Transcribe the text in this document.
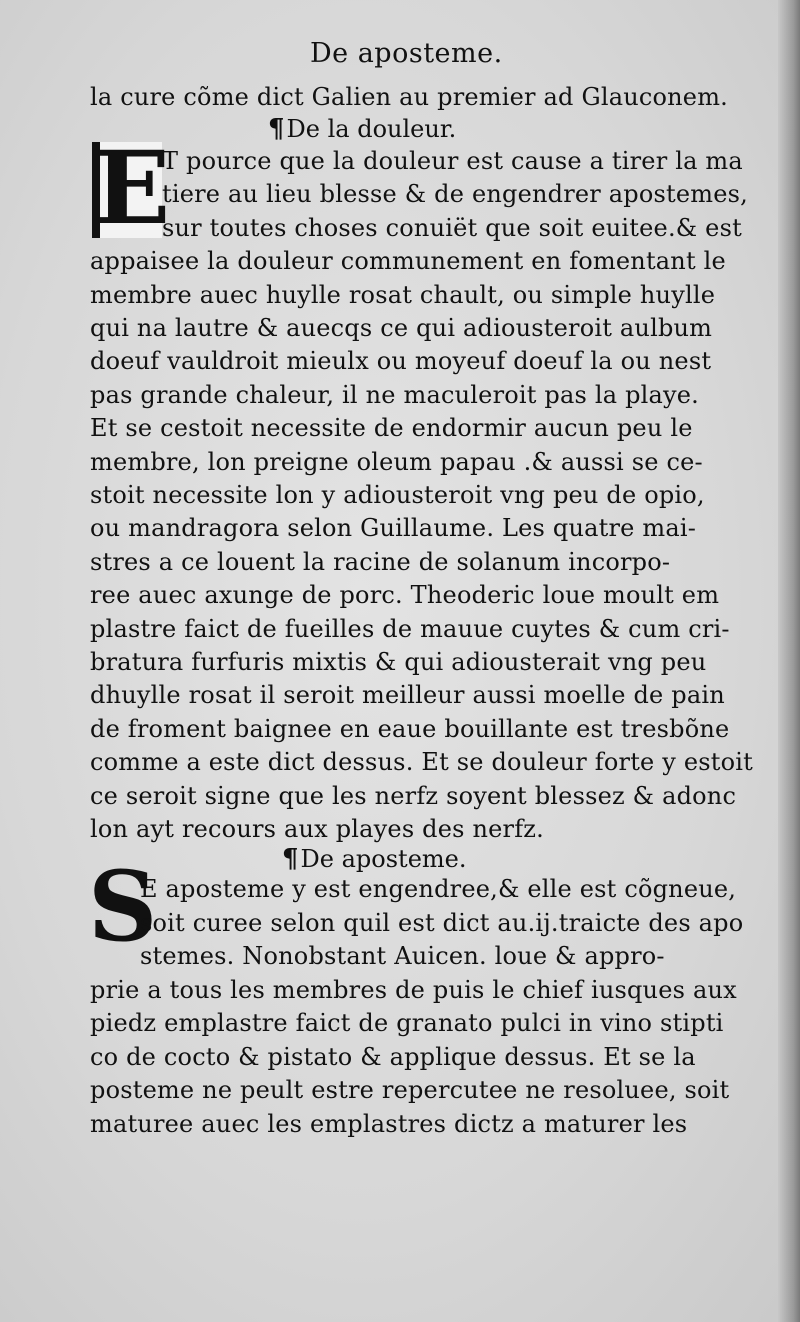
De aposteme.
la cure cõme dict Galien au premier ad Glauconem.
¶De la douleur.
E
T pource que la douleur est cause a tirer la ma
tiere au lieu blesse & de engendrer apostemes,
sur toutes choses conuiët que soit euitee.& est
appaisee la douleur communement en fomentant le
membre auec huylle rosat chault, ou simple huylle
qui na lautre & auecqs ce qui adiousteroit aulbum
doeuf vauldroit mieulx ou moyeuf doeuf la ou nest
pas grande chaleur, il ne maculeroit pas la playe.
Et se cestoit necessite de endormir aucun peu le
membre, lon preigne oleum papau .& aussi se ce-
stoit necessite lon y adiousteroit vng peu de opio,
ou mandragora selon Guillaume. Les quatre mai-
stres a ce louent la racine de solanum incorpo-
ree auec axunge de porc. Theoderic loue moult em
plastre faict de fueilles de mauue cuytes & cum cri-
bratura furfuris mixtis & qui adiousterait vng peu
dhuylle rosat il seroit meilleur aussi moelle de pain
de froment baignee en eaue bouillante est tresbõne
comme a este dict dessus. Et se douleur forte y estoit
ce seroit signe que les nerfz soyent blessez & adonc
lon ayt recours aux playes des nerfz.
¶De aposteme.
S
E aposteme y est engendree,& elle est cõgneue,
soit curee selon quil est dict au.ij.traicte des apo
stemes. Nonobstant Auicen. loue & appro-
prie a tous les membres de puis le chief iusques aux
piedz emplastre faict de granato pulci in vino stipti
co de cocto & pistato & applique dessus. Et se la
posteme ne peult estre repercutee ne resoluee, soit
maturee auec les emplastres dictz a maturer les
